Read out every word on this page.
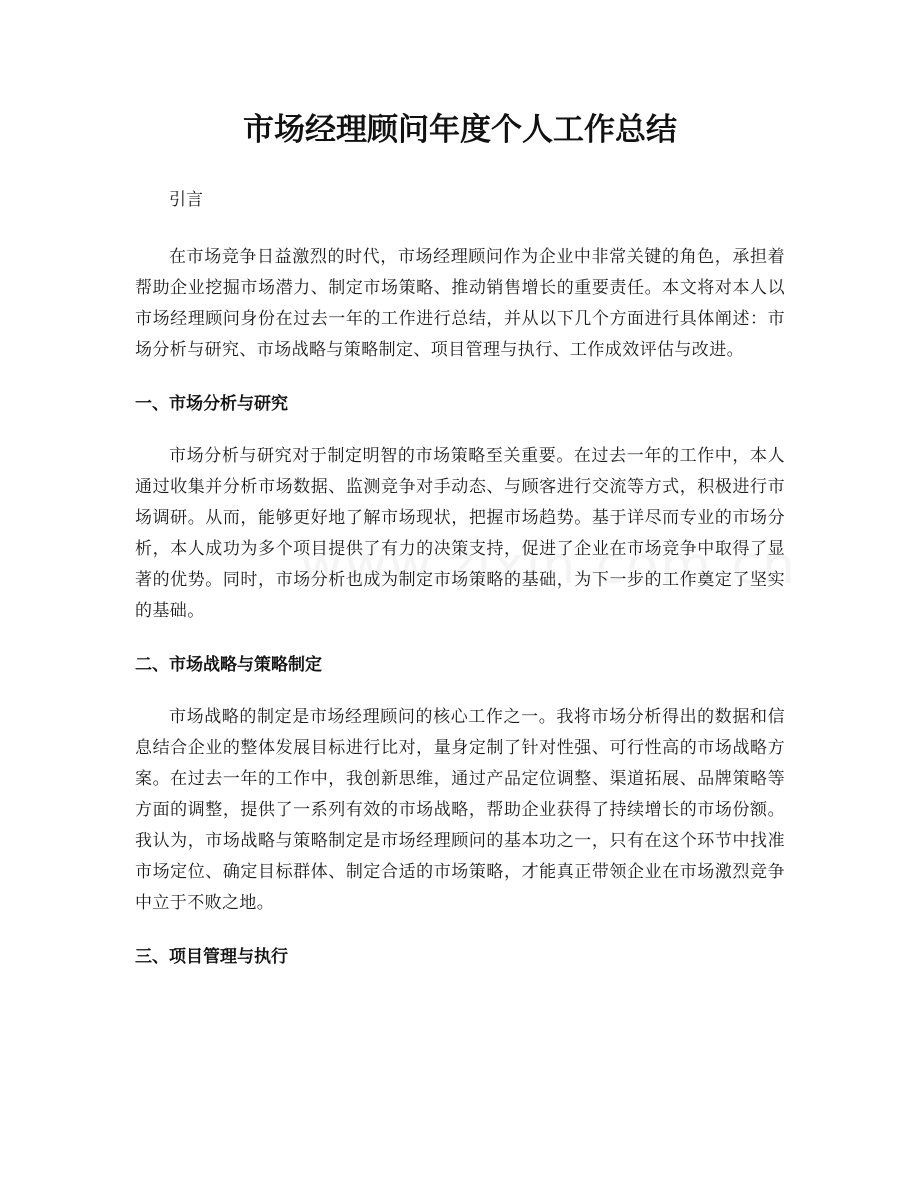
市场经理顾问年度个人工作总结

引言

在市场竞争日益激烈的时代，市场经理顾问作为企业中非常关键的角色，承担着帮助企业挖掘市场潜力、制定市场策略、推动销售增长的重要责任。本文将对本人以市场经理顾问身份在过去一年的工作进行总结，并从以下几个方面进行具体阐述：市场分析与研究、市场战略与策略制定、项目管理与执行、工作成效评估与改进。

一、市场分析与研究

市场分析与研究对于制定明智的市场策略至关重要。在过去一年的工作中，本人通过收集并分析市场数据、监测竞争对手动态、与顾客进行交流等方式，积极进行市场调研。从而，能够更好地了解市场现状，把握市场趋势。基于详尽而专业的市场分析，本人成功为多个项目提供了有力的决策支持，促进了企业在市场竞争中取得了显著的优势。同时，市场分析也成为制定市场策略的基础，为下一步的工作奠定了坚实的基础。

二、市场战略与策略制定

市场战略的制定是市场经理顾问的核心工作之一。我将市场分析得出的数据和信息结合企业的整体发展目标进行比对，量身定制了针对性强、可行性高的市场战略方案。在过去一年的工作中，我创新思维，通过产品定位调整、渠道拓展、品牌策略等方面的调整，提供了一系列有效的市场战略，帮助企业获得了持续增长的市场份额。我认为，市场战略与策略制定是市场经理顾问的基本功之一，只有在这个环节中找准市场定位、确定目标群体、制定合适的市场策略，才能真正带领企业在市场激烈竞争中立于不败之地。

三、项目管理与执行
